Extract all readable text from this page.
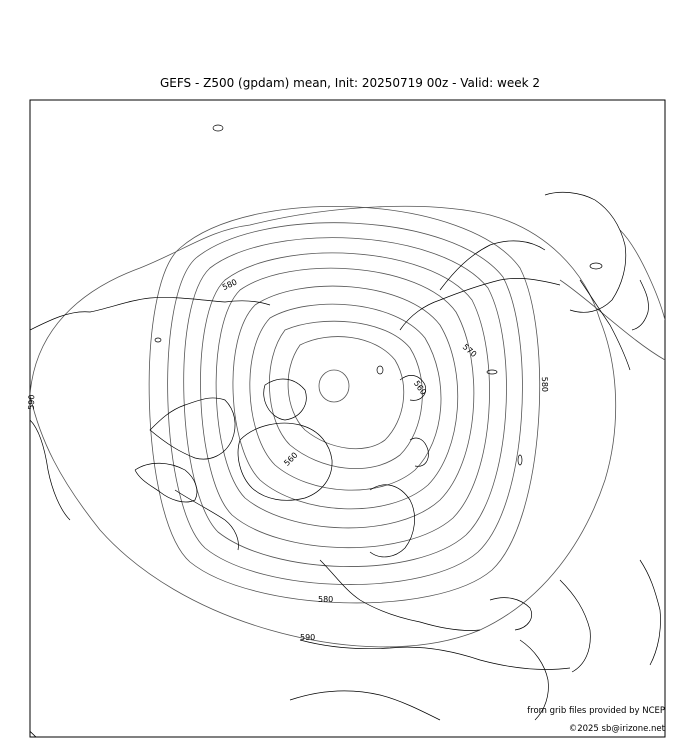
GEFS - Z500 (gpdam) mean, Init: 20250719 00z - Valid: week 2
580
570
580
560
590
560
580
590
from grib files provided by NCEP
©2025 sb@irizone.net
